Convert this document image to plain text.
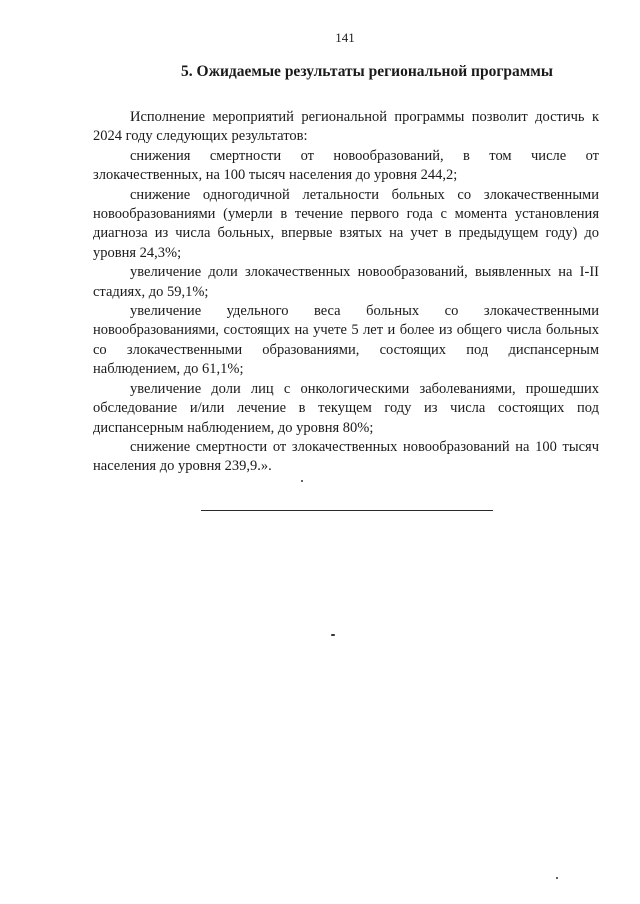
141
5. Ожидаемые результаты региональной программы

Исполнение мероприятий региональной программы позволит достичь к 2024 году следующих результатов:

снижения смертности от новообразований, в том числе от злокачественных, на 100 тысяч населения до уровня 244,2;

снижение одногодичной летальности больных со злокачественными новообразованиями (умерли в течение первого года с момента установления диагноза из числа больных, впервые взятых на учет в предыдущем году) до уровня 24,3%;

увеличение доли злокачественных новообразований, выявленных на I-II стадиях, до 59,1%;

увеличение удельного веса больных со злокачественными новообразованиями, состоящих на учете 5 лет и более из общего числа больных со злокачественными образованиями, состоящих под диспансерным наблюдением, до 61,1%;

увеличение доли лиц с онкологическими заболеваниями, прошедших обследование и/или лечение в текущем году из числа состоящих под диспансерным наблюдением, до уровня 80%;

снижение смертности от злокачественных новообразований на 100 тысяч населения до уровня 239,9.».
